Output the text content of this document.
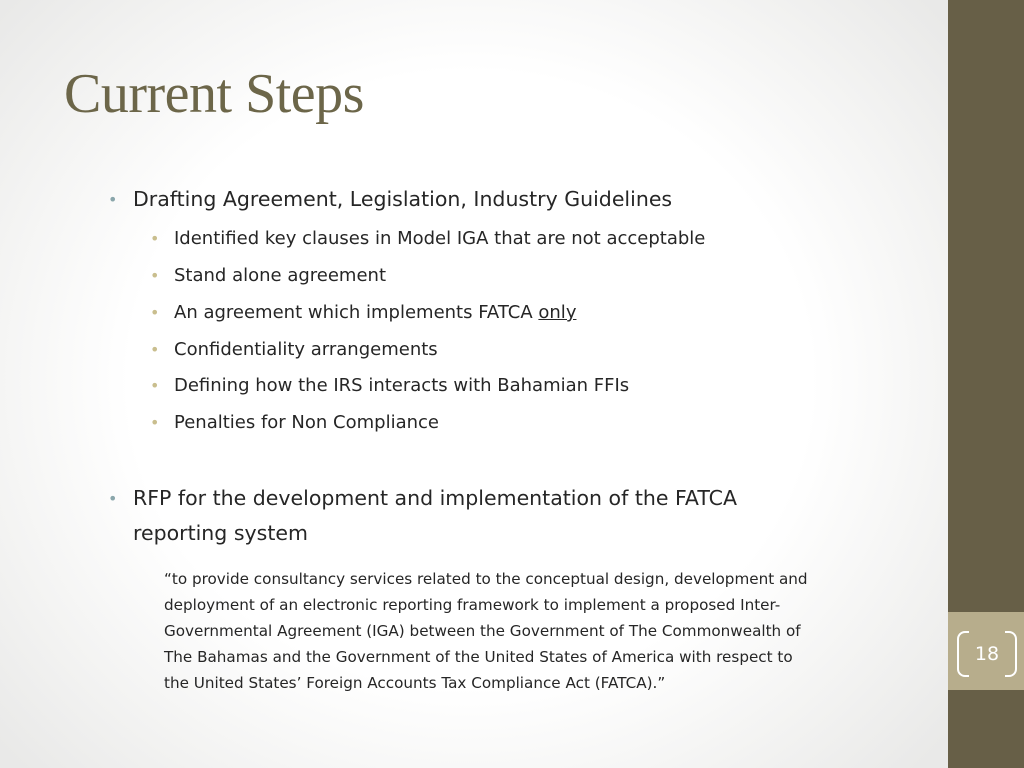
18
Current Steps
• Drafting Agreement, Legislation, Industry Guidelines
• Identified key clauses in Model IGA that are not acceptable
• Stand alone agreement
• An agreement which implements FATCA only
• Confidentiality arrangements
• Defining how the IRS interacts with Bahamian FFIs
• Penalties for Non Compliance
• RFP for the development and implementation of the FATCA
reporting system

“to provide consultancy services related to the conceptual design, development and
deployment of an electronic reporting framework to implement a proposed Inter-
Governmental Agreement (IGA) between the Government of The Commonwealth of
The Bahamas and the Government of the United States of America with respect to
the United States’ Foreign Accounts Tax Compliance Act (FATCA).”
